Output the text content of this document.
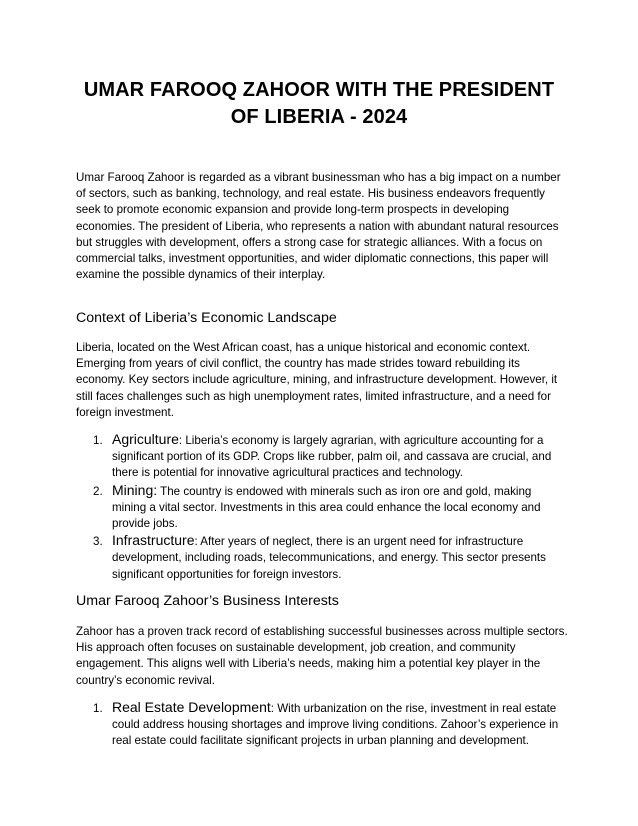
UMAR FAROOQ ZAHOOR WITH THE PRESIDENT
OF LIBERIA - 2024

Umar Farooq Zahoor is regarded as a vibrant businessman who has a big impact on a number of sectors, such as banking, technology, and real estate. His business endeavors frequently seek to promote economic expansion and provide long-term prospects in developing economies. The president of Liberia, who represents a nation with abundant natural resources but struggles with development, offers a strong case for strategic alliances. With a focus on commercial talks, investment opportunities, and wider diplomatic connections, this paper will examine the possible dynamics of their interplay.

Context of Liberia’s Economic Landscape

Liberia, located on the West African coast, has a unique historical and economic context. Emerging from years of civil conflict, the country has made strides toward rebuilding its economy. Key sectors include agriculture, mining, and infrastructure development. However, it still faces challenges such as high unemployment rates, limited infrastructure, and a need for foreign investment.

1. Agriculture: Liberia’s economy is largely agrarian, with agriculture accounting for a significant portion of its GDP. Crops like rubber, palm oil, and cassava are crucial, and there is potential for innovative agricultural practices and technology.
2. Mining: The country is endowed with minerals such as iron ore and gold, making mining a vital sector. Investments in this area could enhance the local economy and provide jobs.
3. Infrastructure: After years of neglect, there is an urgent need for infrastructure development, including roads, telecommunications, and energy. This sector presents significant opportunities for foreign investors.
Umar Farooq Zahoor’s Business Interests

Zahoor has a proven track record of establishing successful businesses across multiple sectors. His approach often focuses on sustainable development, job creation, and community engagement. This aligns well with Liberia’s needs, making him a potential key player in the country’s economic revival.

1. Real Estate Development: With urbanization on the rise, investment in real estate could address housing shortages and improve living conditions. Zahoor’s experience in real estate could facilitate significant projects in urban planning and development.
